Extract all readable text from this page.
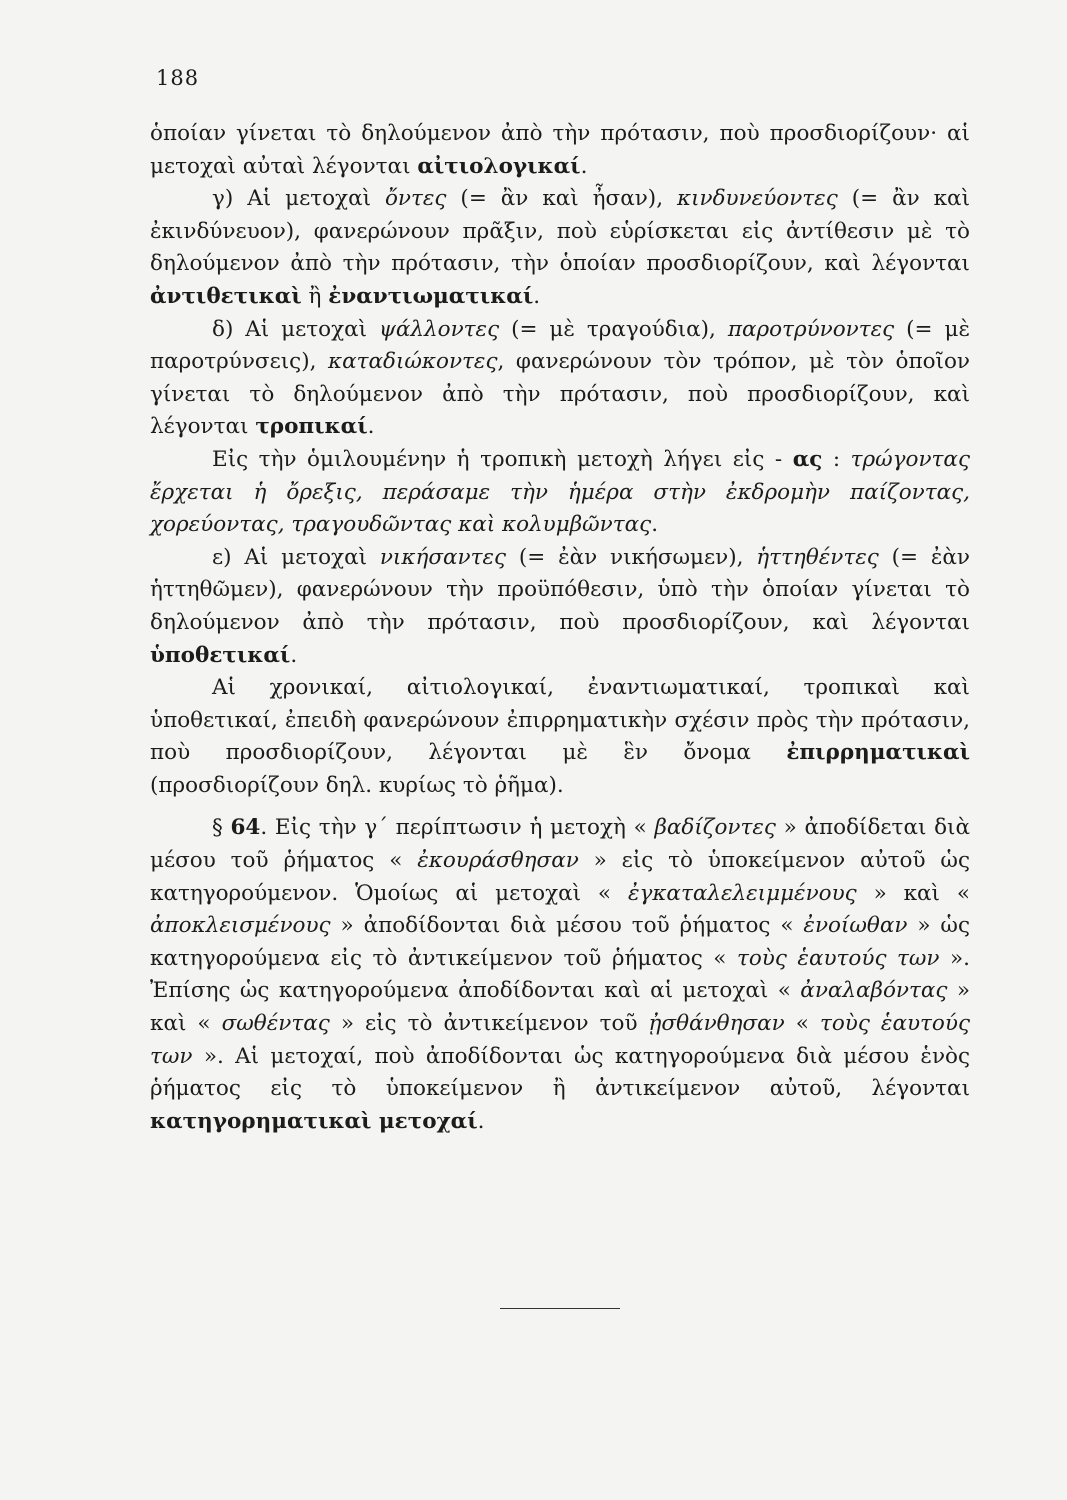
188

ὁποίαν γίνεται τὸ δηλούμενον ἀπὸ τὴν πρότασιν, ποὺ προσδιορίζουν· αἱ μετοχαὶ αὐταὶ λέγονται αἰτιολογικαί.

γ) Αἱ μετοχαὶ ὄντες (= ἂν καὶ ἦσαν), κινδυνεύοντες (= ἂν καὶ ἐκινδύνευον), φανερώνουν πρᾶξιν, ποὺ εὑρίσκεται εἰς ἀντίθεσιν μὲ τὸ δηλούμενον ἀπὸ τὴν πρότασιν, τὴν ὁποίαν προσδιορίζουν, καὶ λέγονται ἀντιθετικαὶ ἢ ἐναντιωματικαί.

δ) Αἱ μετοχαὶ ψάλλοντες (= μὲ τραγούδια), παροτρύνοντες (= μὲ παροτρύνσεις), καταδιώκοντες, φανερώνουν τὸν τρόπον, μὲ τὸν ὁποῖον γίνεται τὸ δηλούμενον ἀπὸ τὴν πρότασιν, ποὺ προσδιορίζουν, καὶ λέγονται τροπικαί.

Εἰς τὴν ὁμιλουμένην ἡ τροπικὴ μετοχὴ λήγει εἰς - ας : τρώγοντας ἔρχεται ἡ ὄρεξις, περάσαμε τὴν ἡμέρα στὴν ἐκδρομὴν παίζοντας, χορεύοντας, τραγουδῶντας καὶ κολυμβῶντας.

ε) Αἱ μετοχαὶ νικήσαντες (= ἐὰν νικήσωμεν), ἡττηθέντες (= ἐὰν ἡττηθῶμεν), φανερώνουν τὴν προϋπόθεσιν, ὑπὸ τὴν ὁποίαν γίνεται τὸ δηλούμενον ἀπὸ τὴν πρότασιν, ποὺ προσδιορίζουν, καὶ λέγονται ὑποθετικαί.

Αἱ χρονικαί, αἰτιολογικαί, ἐναντιωματικαί, τροπικαὶ καὶ ὑποθετικαί, ἐπειδὴ φανερώνουν ἐπιρρηματικὴν σχέσιν πρὸς τὴν πρότασιν, ποὺ προσδιορίζουν, λέγονται μὲ ἓν ὄνομα ἐπιρρηματικαὶ (προσδιορίζουν δηλ. κυρίως τὸ ῥῆμα).

§ 64. Εἰς τὴν γ΄ περίπτωσιν ἡ μετοχὴ « βαδίζοντες » ἀποδίδεται διὰ μέσου τοῦ ῥήματος « ἐκουράσθησαν » εἰς τὸ ὑποκείμενον αὐτοῦ ὡς κατηγορούμενον. Ὁμοίως αἱ μετοχαὶ « ἐγκαταλελειμμένους » καὶ « ἀποκλεισμένους » ἀποδίδονται διὰ μέσου τοῦ ῥήματος « ἐνοίωθαν » ὡς κατηγορούμενα εἰς τὸ ἀντικείμενον τοῦ ῥήματος « τοὺς ἑαυτούς των ». Ἐπίσης ὡς κατηγορούμενα ἀποδίδονται καὶ αἱ μετοχαὶ « ἀναλαβόντας » καὶ « σωθέντας » εἰς τὸ ἀντικείμενον τοῦ ᾐσθάνθησαν « τοὺς ἑαυτούς των ». Αἱ μετοχαί, ποὺ ἀποδίδονται ὡς κατηγορούμενα διὰ μέσου ἑνὸς ῥήματος εἰς τὸ ὑποκείμενον ἢ ἀντικείμενον αὐτοῦ, λέγονται κατηγορηματικαὶ μετοχαί.
